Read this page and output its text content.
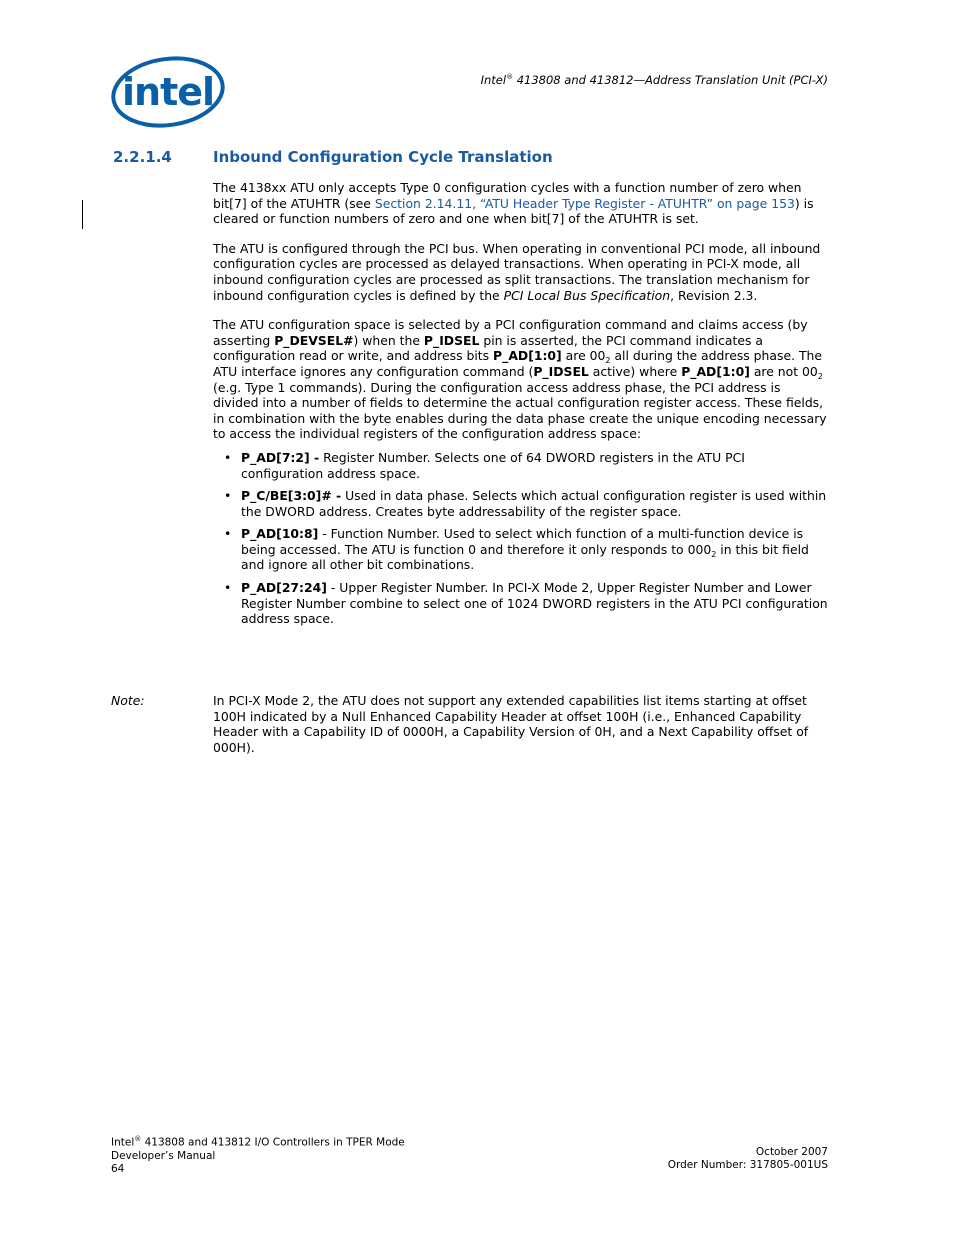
intel	Intel® 413808 and 413812—Address Translation Unit (PCI-X)
2.2.1.4	Inbound Configuration Cycle Translation

The 4138xx ATU only accepts Type 0 configuration cycles with a function number of zero when bit[7] of the ATUHTR (see Section 2.14.11, “ATU Header Type Register - ATUHTR” on page 153) is cleared or function numbers of zero and one when bit[7] of the ATUHTR is set.

The ATU is configured through the PCI bus. When operating in conventional PCI mode, all inbound configuration cycles are processed as delayed transactions. When operating in PCI-X mode, all inbound configuration cycles are processed as split transactions. The translation mechanism for inbound configuration cycles is defined by the PCI Local Bus Specification, Revision 2.3.

The ATU configuration space is selected by a PCI configuration command and claims access (by asserting P_DEVSEL#) when the P_IDSEL pin is asserted, the PCI command indicates a configuration read or write, and address bits P_AD[1:0] are $00_2$ all during the address phase. The ATU interface ignores any configuration command (P_IDSEL active) where P_AD[1:0] are not $00_2$ (e.g. Type 1 commands). During the configuration access address phase, the PCI address is divided into a number of fields to determine the actual configuration register access. These fields, in combination with the byte enables during the data phase create the unique encoding necessary to access the individual registers of the configuration address space:

• P_AD[7:2] - Register Number. Selects one of 64 DWORD registers in the ATU PCI configuration address space.
• P_C/BE[3:0]# - Used in data phase. Selects which actual configuration register is used within the DWORD address. Creates byte addressability of the register space.
• P_AD[10:8] - Function Number. Used to select which function of a multi-function device is being accessed. The ATU is function 0 and therefore it only responds to $000_2$ in this bit field and ignore all other bit combinations.
• P_AD[27:24] - Upper Register Number. In PCI-X Mode 2, Upper Register Number and Lower Register Number combine to select one of 1024 DWORD registers in the ATU PCI configuration address space.
Note:	In PCI-X Mode 2, the ATU does not support any extended capabilities list items starting at offset 100H indicated by a Null Enhanced Capability Header at offset 100H (i.e., Enhanced Capability Header with a Capability ID of 0000H, a Capability Version of 0H, and a Next Capability offset of 000H).
Intel® 413808 and 413812 I/O Controllers in TPER Mode
Developer’s Manual
64
October 2007
Order Number: 317805-001US
